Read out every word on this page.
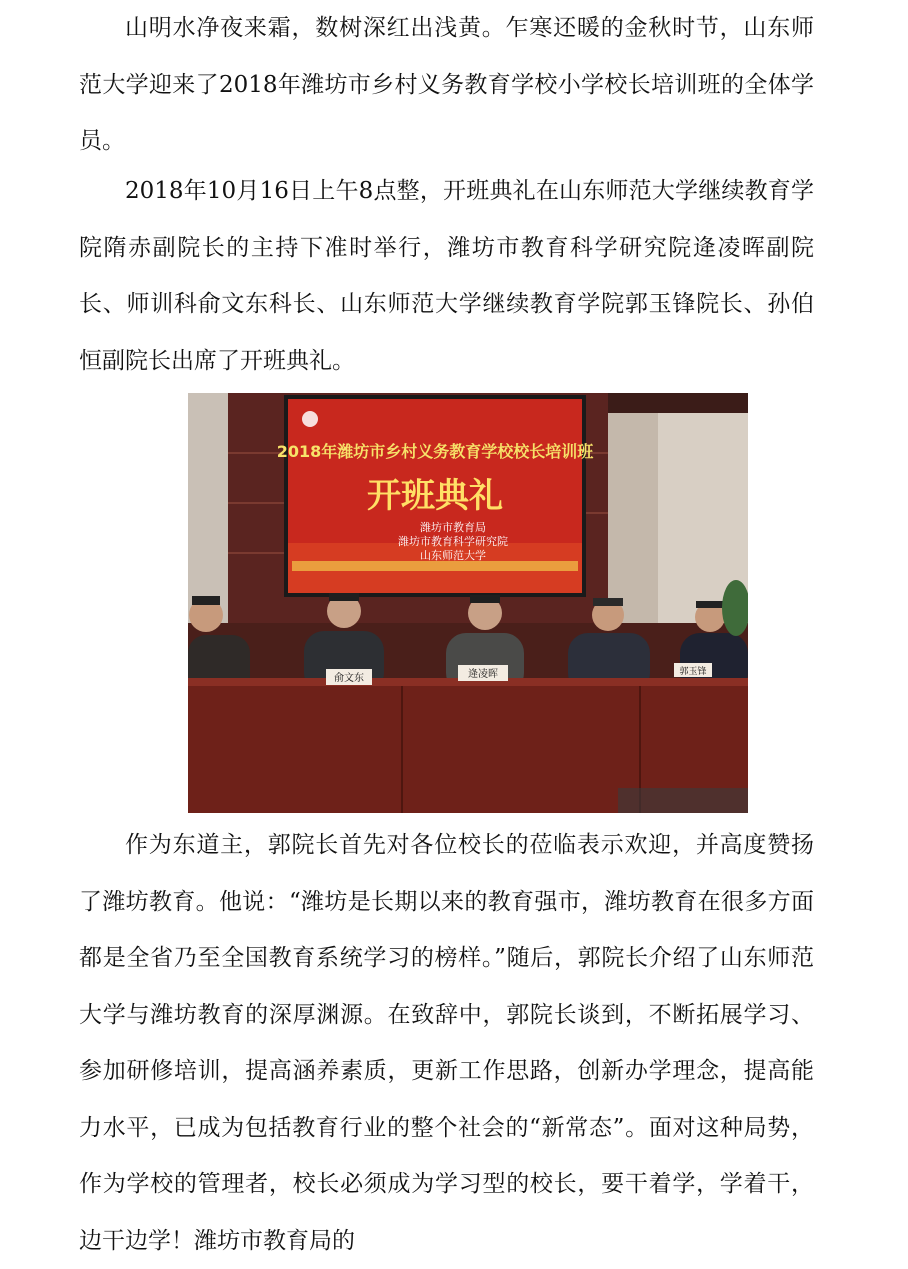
山明水净夜来霜，数树深红出浅黄。乍寒还暖的金秋时节，山东师范大学迎来了2018年潍坊市乡村义务教育学校小学校长培训班的全体学员。

2018年10月16日上午8点整，开班典礼在山东师范大学继续教育学院隋赤副院长的主持下准时举行，潍坊市教育科学研究院逄凌晖副院长、师训科俞文东科长、山东师范大学继续教育学院郭玉锋院长、孙伯恒副院长出席了开班典礼。

2018年潍坊市乡村义务教育学校校长培训班
开班典礼
潍坊市教育局
潍坊市教育科学研究院
山东师范大学
俞文东	逄凌晖	郭玉锋

作为东道主，郭院长首先对各位校长的莅临表示欢迎，并高度赞扬了潍坊教育。他说：“潍坊是长期以来的教育强市，潍坊教育在很多方面都是全省乃至全国教育系统学习的榜样。”随后，郭院长介绍了山东师范大学与潍坊教育的深厚渊源。在致辞中，郭院长谈到，不断拓展学习、参加研修培训，提高涵养素质，更新工作思路，创新办学理念，提高能力水平，已成为包括教育行业的整个社会的“新常态”。面对这种局势，作为学校的管理者，校长必须成为学习型的校长，要干着学，学着干，边干边学！潍坊市教育局的
